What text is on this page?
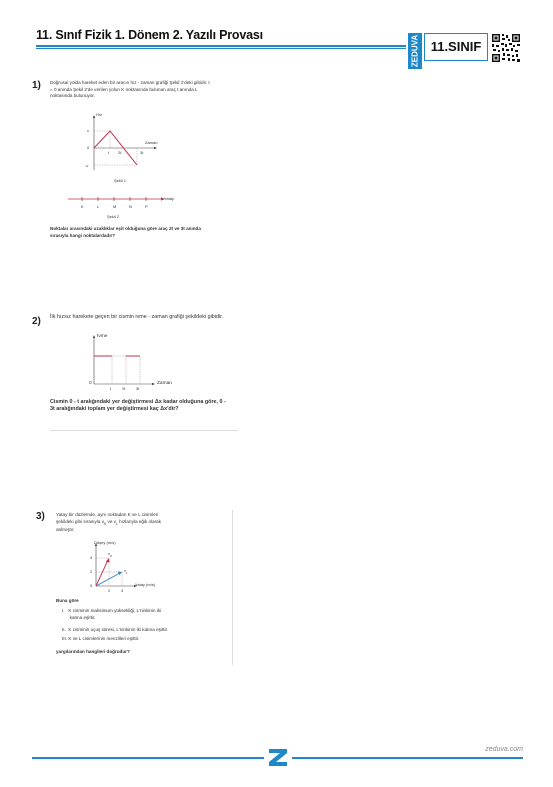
11. Sınıf Fizik 1. Dönem 2. Yazılı Provası	ZEDUVA 11.SINIF
1) Doğrusal yolda hareket eden bir aracın hız - zaman grafiği Şekil 1'deki gibidir. t = 0 anında Şekil 2'de verilen yolun K noktasında bulunan araç t anında L noktasında bulunuyor.
Hız
Zaman
v
0
-v
t 2t	3t
Şekil 1
Yatay
K	L	M	N	P
Şekil 2
Noktalar arasındaki uzaklıklar eşit olduğuna göre araç 2t ve 3t anında sırasıyla hangi noktalardadır?
2) İlk hızsız harekete geçen bir cismin ivme - zaman grafiği şekildeki gibidir.
İvme
Zaman
0
t	2t	3t
Cismin 0 - t aralığındaki yer değiştirmesi Δx kadar olduğuna göre, 0 - 3t aralığındaki toplam yer değiştirmesi kaç Δx'dir?
3) Yatay bir düzlemde, aynı noktadan K ve L cisimleri
şekildeki gibi sırasıyla $v_K$ ve $v_L$ hızlarıyla eğik olarak
atılmıştır.
Düşey (m/s)
Yatay (m/s)
4
2
0
2	4
$v_K$
$v_L$
Buna göre
I.   K cisminin maksimum yüksekliği, L'ninkinin iki
katına eşittir.
II.  K cisminin uçuş süresi, L'ninkinin iki katına eşittir.
III. K ve L cisimlerinin menzilleri eşittir.
yargılarından hangileri doğrudur?
zeduva.com
